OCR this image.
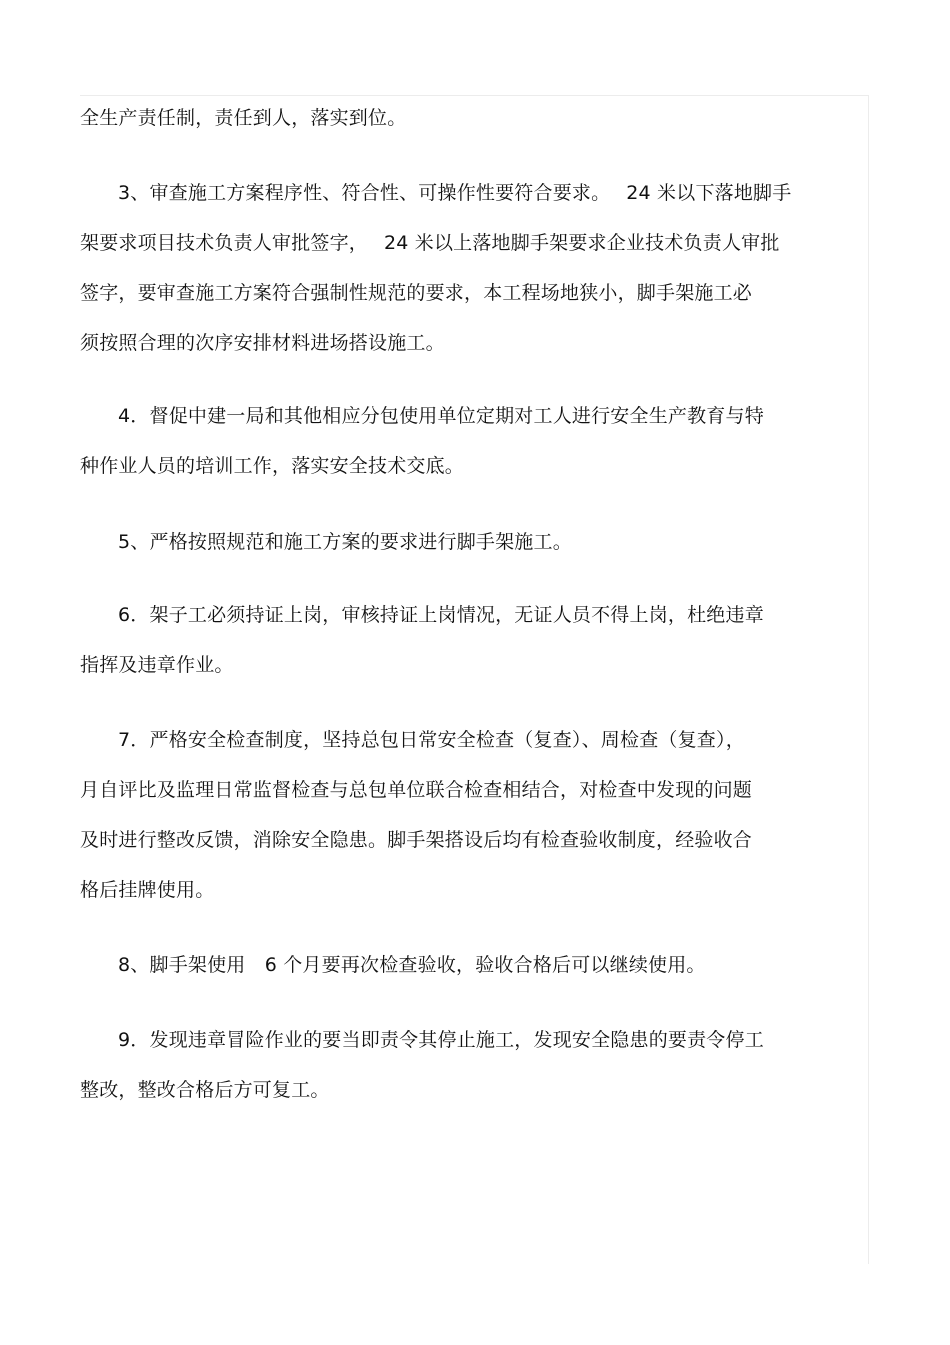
全生产责任制，责任到人，落实到位。
3、审查施工方案程序性、符合性、可操作性要符合要求。　 24 米以下落地脚手
架要求项目技术负责人审批签字，　 24 米以上落地脚手架要求企业技术负责人审批
签字，要审查施工方案符合强制性规范的要求，本工程场地狭小，脚手架施工必
须按照合理的次序安排材料进场搭设施工。
4．督促中建一局和其他相应分包使用单位定期对工人进行安全生产教育与特
种作业人员的培训工作，落实安全技术交底。
5、严格按照规范和施工方案的要求进行脚手架施工。
6．架子工必须持证上岗，审核持证上岗情况，无证人员不得上岗，杜绝违章
指挥及违章作业。
7．严格安全检查制度，坚持总包日常安全检查（复查）、周检查（复查），
月自评比及监理日常监督检查与总包单位联合检查相结合，对检查中发现的问题
及时进行整改反馈，消除安全隐患。脚手架搭设后均有检查验收制度，经验收合
格后挂牌使用。
8、脚手架使用　6 个月要再次检查验收，验收合格后可以继续使用。
9．发现违章冒险作业的要当即责令其停止施工，发现安全隐患的要责令停工
整改，整改合格后方可复工。
